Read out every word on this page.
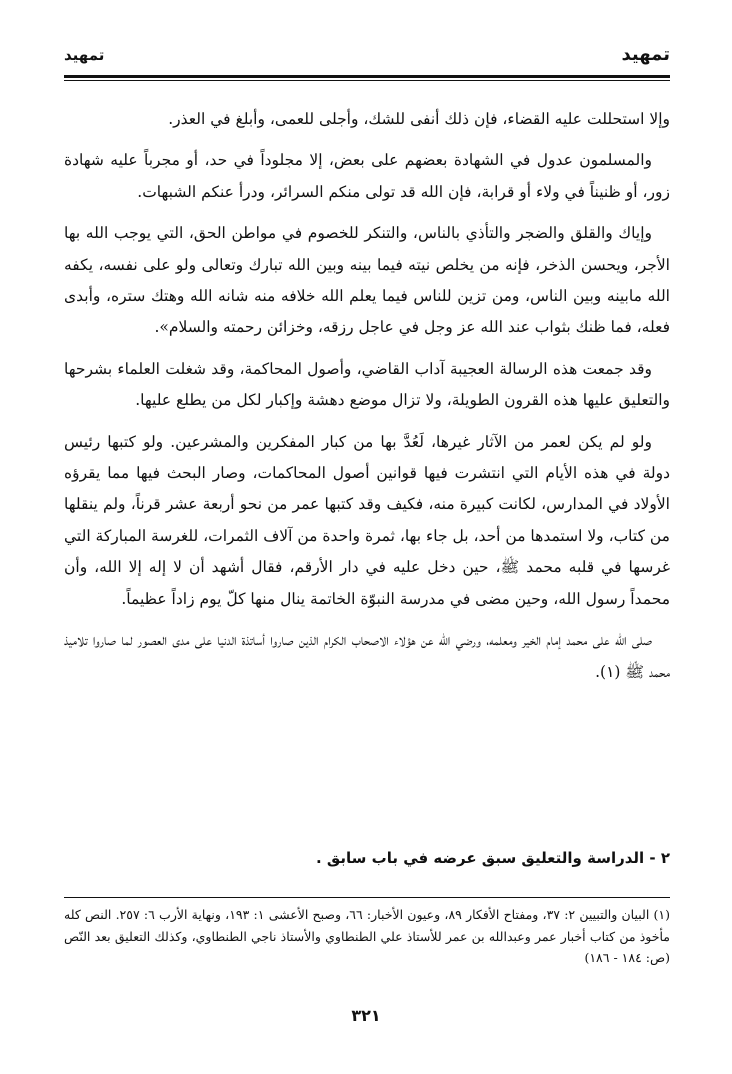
تمهيد
تمهيد

وإلا استحللت عليه القضاء، فإن ذلك أنفى للشك، وأجلى للعمى، وأبلغ في العذر.

والمسلمون عدول في الشهادة بعضهم على بعض، إلا مجلوداً في حد، أو مجرباً عليه شهادة زور، أو ظنيناً في ولاء أو قرابة، فإن الله قد تولى منكم السرائر، ودرأ عنكم الشبهات.

وإياك والقلق والضجر والتأذي بالناس، والتنكر للخصوم في مواطن الحق، التي يوجب الله بها الأجر، ويحسن الذخر، فإنه من يخلص نيته فيما بينه وبين الله تبارك وتعالى ولو على نفسه، يكفه الله مابينه وبين الناس، ومن تزين للناس فيما يعلم الله خلافه منه شانه الله وهتك ستره، وأبدى فعله، فما ظنك بثواب عند الله عز وجل في عاجل رزقه، وخزائن رحمته والسلام».

وقد جمعت هذه الرسالة العجيبة آداب القاضي، وأصول المحاكمة، وقد شغلت العلماء بشرحها والتعليق عليها هذه القرون الطويلة، ولا تزال موضع دهشة وإكبار لكل من يطلع عليها.

ولو لم يكن لعمر من الآثار غيرها، لَعُدَّ بها من كبار المفكرين والمشرعين. ولو كتبها رئيس دولة في هذه الأيام التي انتشرت فيها قوانين أصول المحاكمات، وصار البحث فيها مما يقرؤه الأولاد في المدارس، لكانت كبيرة منه، فكيف وقد كتبها عمر من نحو أربعة عشر قرناً، ولم ينقلها من كتاب، ولا استمدها من أحد، بل جاء بها، ثمرة واحدة من آلاف الثمرات، للغرسة المباركة التي غرسها في قلبه محمد ﷺ، حين دخل عليه في دار الأرقم، فقال أشهد أن لا إله إلا الله، وأن محمداً رسول الله، وحين مضى في مدرسة النبوّة الخاتمة ينال منها كلّ يوم زاداً عظيماً.

صلى الله على محمد إمام الخير ومعلمه، ورضي الله عن هؤلاء الاصحاب الكرام الذين صاروا أساتذة الدنيا على مدى العصور لما صاروا تلاميذ محمد ﷺ (١).

٢ - الدراسة والتعليق سبق عرضه في باب سابق .
(١) البيان والتبيين ٢: ٣٧، ومفتاح الأفكار ٨٩، وعيون الأخبار: ٦٦، وصبح الأعشى ١: ١٩٣، ونهاية الأرب ٦: ٢٥٧. النص كله مأخوذ من كتاب أخبار عمر وعبدالله بن عمر للأستاذ علي الطنطاوي والأستاذ ناجي الطنطاوي، وكذلك التعليق بعد النّص (ص: ١٨٤ - ١٨٦)
٣٢١
